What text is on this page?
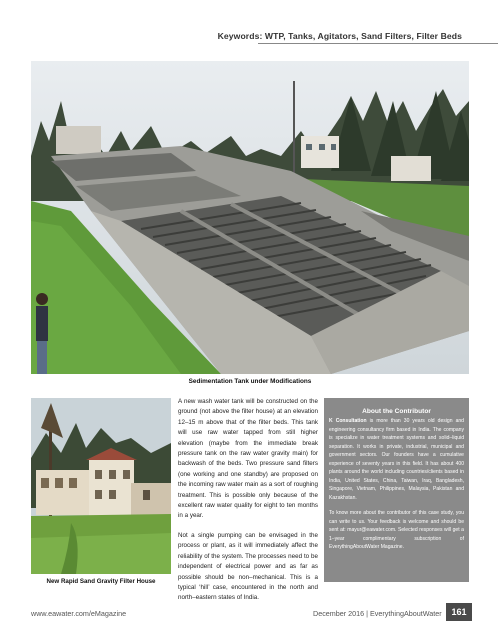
Keywords: WTP, Tanks, Agitators, Sand Filters, Filter Beds
Sedimentation Tank under Modifications
New Rapid Sand Gravity Filter House

A new wash water tank will be constructed on the ground (not above the filter house) at an elevation 12–15 m above that of the filter beds. This tank will use raw water tapped from still higher elevation (maybe from the immediate break pressure tank on the raw water gravity main) for backwash of the beds. Two pressure sand filters (one working and one standby) are proposed on the incoming raw water main as a sort of roughing treatment. This is possible only because of the excellent raw water quality for eight to ten months in a year.

Not a single pumping can be envisaged in the process or plant, as it will immediately affect the reliability of the system. The processes need to be independent of electrical power and as far as possible should be non–mechanical. This is a typical ‘hill’ case, encountered in the north and north–eastern states of India.

About the Contributor

K Consultation is more than 30 years old design and engineering consultancy firm based in India. The company is specialize in water treatment systems and solid–liquid separation. It works in private, industrial, municipal and government sectors. Our founders have a cumulative experience of seventy years in this field. It has about 400 plants around the world including countries/clients based in India, United States, China, Taiwan, Iraq, Bangladesh, Singapore, Vietnam, Philippines, Malaysia, Pakistan and Kazakhstan.

To know more about the contributor of this case study, you can write to us. Your feedback is welcome and should be sent at: mayur@eawater.com. Selected responses will get a 1–year complimentary subscription of EverythingAboutWater Magazine.

www.eawater.com/eMagazine	December 2016 | EverythingAboutWater	161
